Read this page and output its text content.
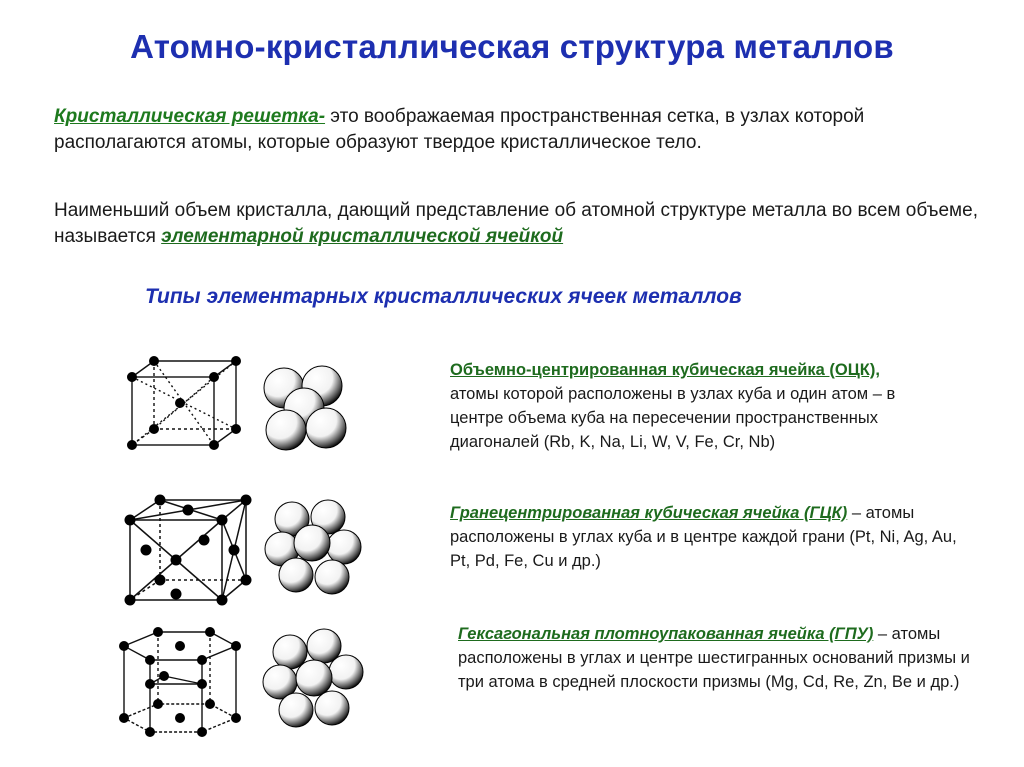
Атомно-кристаллическая структура металлов
Кристаллическая решетка- это воображаемая пространственная сетка, в узлах которой располагаются атомы, которые образуют твердое кристаллическое тело.
Наименьший объем кристалла, дающий представление об атомной структуре металла во всем объеме, называется элементарной кристаллической ячейкой
Типы элементарных кристаллических ячеек металлов
Объемно-центрированная кубическая ячейка (ОЦК), атомы которой расположены в узлах куба и один атом – в центре объема куба на пересечении пространственных диагоналей (Rb, K, Na, Li, W, V, Fe, Cr, Nb)
Гранецентрированная кубическая ячейка (ГЦК) – атомы расположены в углах куба и в центре каждой грани (Pt, Ni, Ag, Au, Pt, Pd, Fe, Cu и др.)
Гексагональная плотноупакованная ячейка (ГПУ) – атомы расположены в углах и центре шестигранных оснований призмы и три атома в средней плоскости призмы (Mg, Cd, Re, Zn, Be и др.)
